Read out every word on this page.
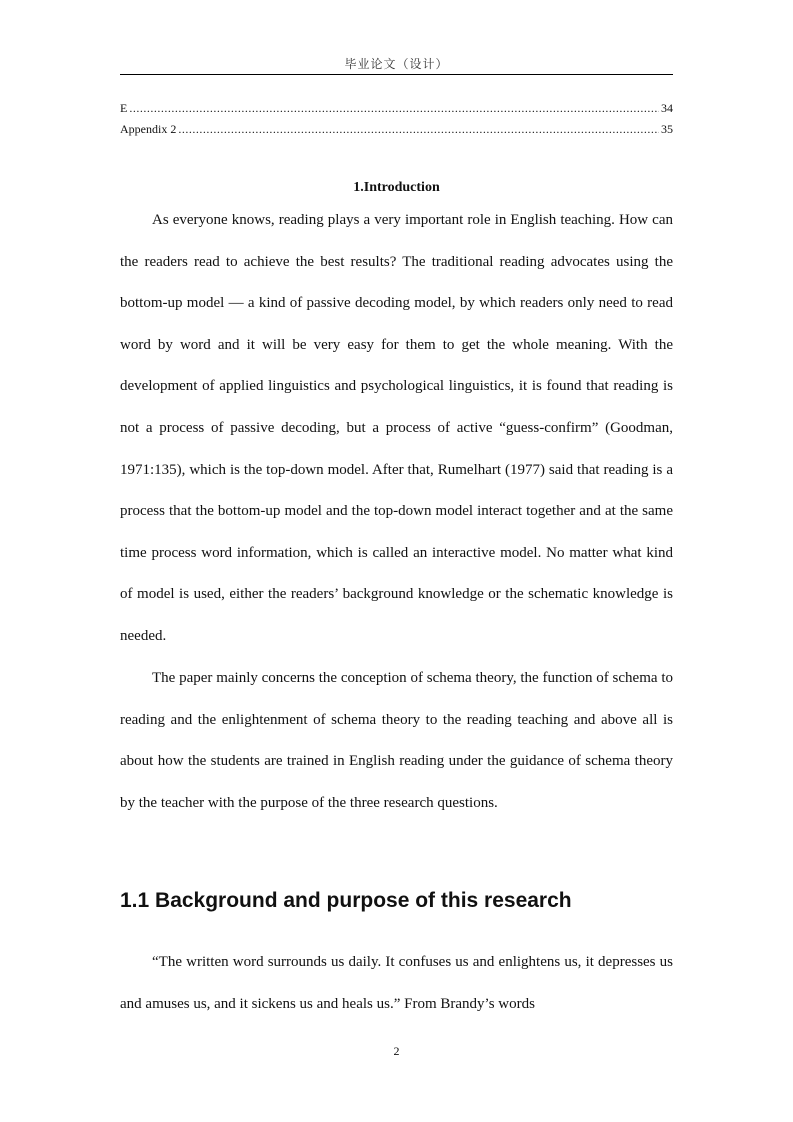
毕业论文（设计）
E .....	34
Appendix 2 .....	35
1.Introduction

As everyone knows, reading plays a very important role in English teaching. How can the readers read to achieve the best results? The traditional reading advocates using the bottom-up model — a kind of passive decoding model, by which readers only need to read word by word and it will be very easy for them to get the whole meaning. With the development of applied linguistics and psychological linguistics, it is found that reading is not a process of passive decoding, but a process of active “guess-confirm” (Goodman, 1971:135), which is the top-down model. After that, Rumelhart (1977) said that reading is a process that the bottom-up model and the top-down model interact together and at the same time process word information, which is called an interactive model. No matter what kind of model is used, either the readers’ background knowledge or the schematic knowledge is needed.

The paper mainly concerns the conception of schema theory, the function of schema to reading and the enlightenment of schema theory to the reading teaching and above all is about how the students are trained in English reading under the guidance of schema theory by the teacher with the purpose of the three research questions.

1.1 Background and purpose of this research

“The written word surrounds us daily. It confuses us and enlightens us, it depresses us and amuses us, and it sickens us and heals us.” From Brandy’s words

2
